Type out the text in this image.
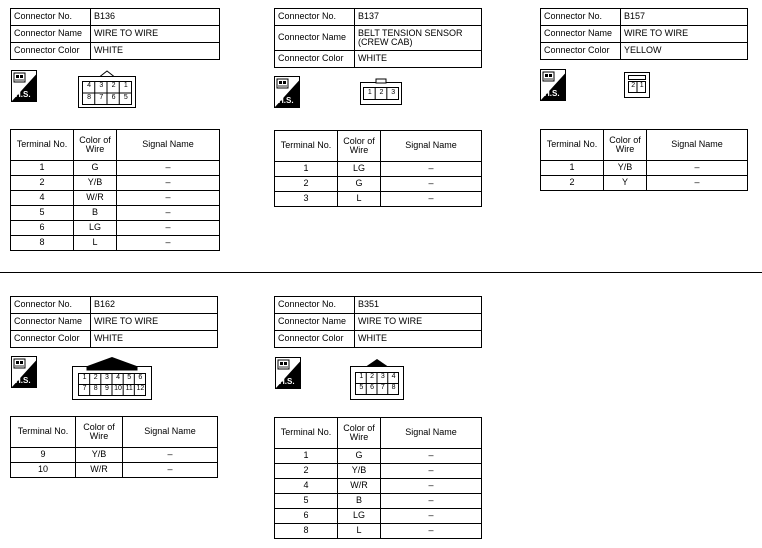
Connector No.	B136
Connector Name	WIRE TO WIRE
Connector Color	WHITE
H.S.
4	3	2	1
8	7	6	5
Terminal No.	Color of Wire	Signal Name
1	G	–
2	Y/B	–
4	W/R	–
5	B	–
6	LG	–
8	L	–
Connector No.	B137
Connector Name	BELT TENSION SENSOR (CREW CAB)
Connector Color	WHITE
H.S.
1	2	3
Terminal No.	Color of Wire	Signal Name
1	LG	–
2	G	–
3	L	–
Connector No.	B157
Connector Name	WIRE TO WIRE
Connector Color	YELLOW
H.S.
2 1
Terminal No.	Color of Wire	Signal Name
1	Y/B	–
2	Y	–
Connector No.	B162
Connector Name	WIRE TO WIRE
Connector Color	WHITE
H.S.	1	2	3	4	5	6
7	8	9 10 11 12
Terminal No.	Color of Wire	Signal Name
9	Y/B	–
10	W/R	–
Connector No.	B351
Connector Name	WIRE TO WIRE
Connector Color	WHITE
H.S.
1 2 3 4
5 6 7 8
Terminal No.	Color of Wire	Signal Name
1	G	–
2	Y/B	–
4	W/R	–
5	B	–
6	LG	–
8	L	–
